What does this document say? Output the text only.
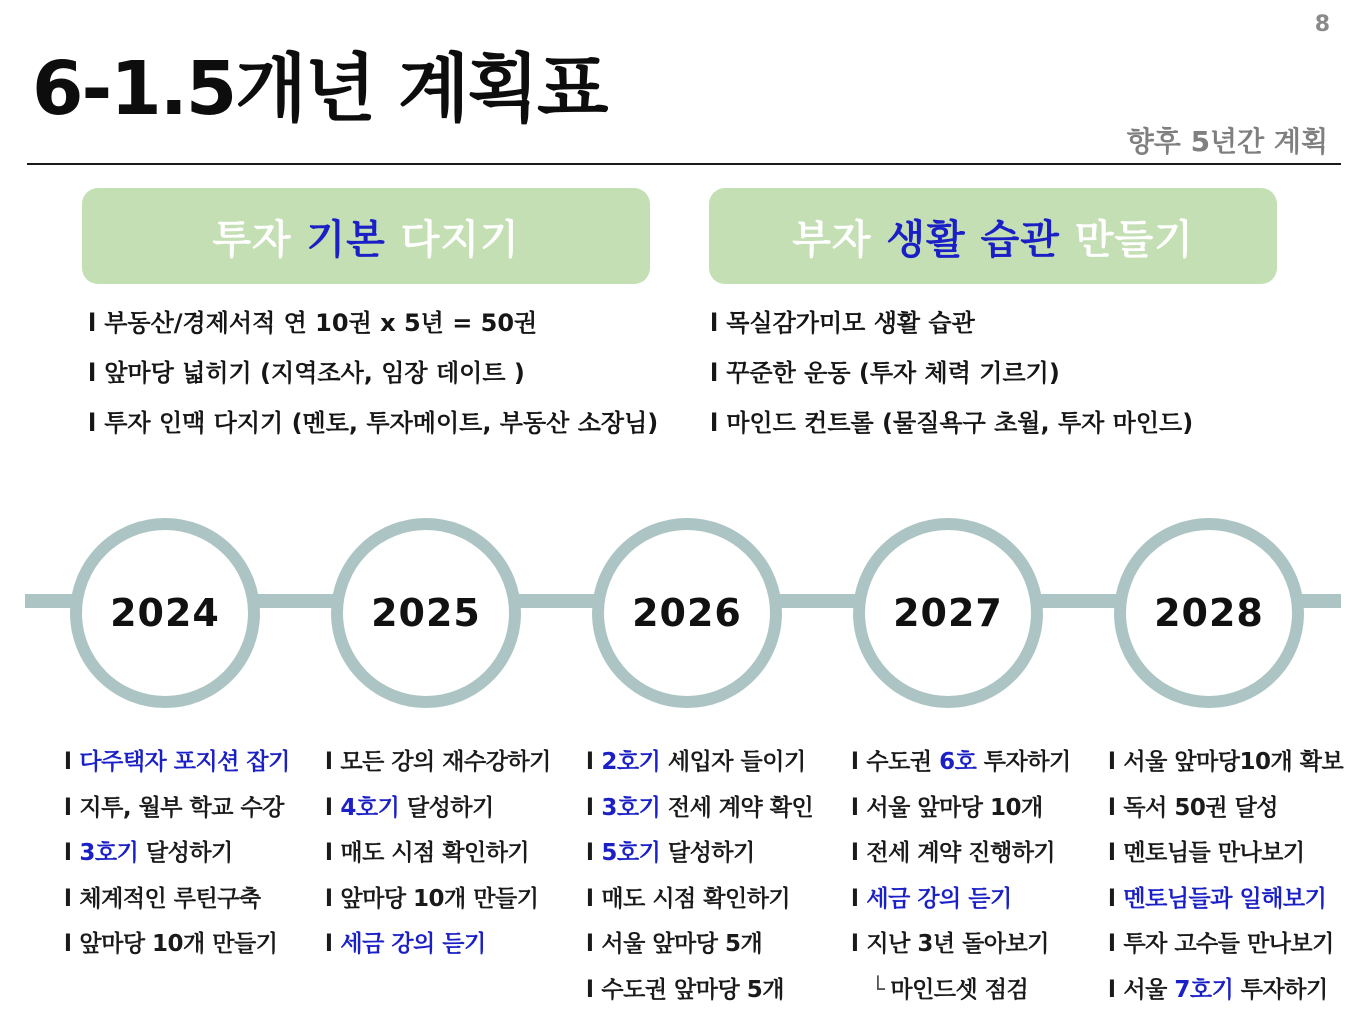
8
6-1.5개년 계획표
향후 5년간 계획
투자 기본 다지기
l 부동산/경제서적 연 10권 x 5년 = 50권
l 앞마당 넓히기 (지역조사, 임장 데이트 )
l 투자 인맥 다지기 (멘토, 투자메이트, 부동산 소장님)
부자 생활 습관 만들기
l 목실감가미모 생활 습관
l 꾸준한 운동 (투자 체력 기르기)
l 마인드 컨트롤 (물질욕구 초월, 투자 마인드)
2024	2025	2026	2027	2028
l 다주택자 포지션 잡기
l 지투, 월부 학교 수강
l 3호기 달성하기
l 체계적인 루틴구축
l 앞마당 10개 만들기
l 모든 강의 재수강하기
l 4호기 달성하기
l 매도 시점 확인하기
l 앞마당 10개 만들기
l 세금 강의 듣기
l 2호기 세입자 들이기
l 3호기 전세 계약 확인
l 5호기 달성하기
l 매도 시점 확인하기
l 서울 앞마당 5개
l 수도권 앞마당 5개
l 수도권 6호 투자하기
l 서울 앞마당 10개
l 전세 계약 진행하기
l 세금 강의 듣기
l 지난 3년 돌아보기
└ 마인드셋 점검
l 서울 앞마당10개 확보
l 독서 50권 달성
l 멘토님들 만나보기
l 멘토님들과 일해보기
l 투자 고수들 만나보기
l 서울 7호기 투자하기
